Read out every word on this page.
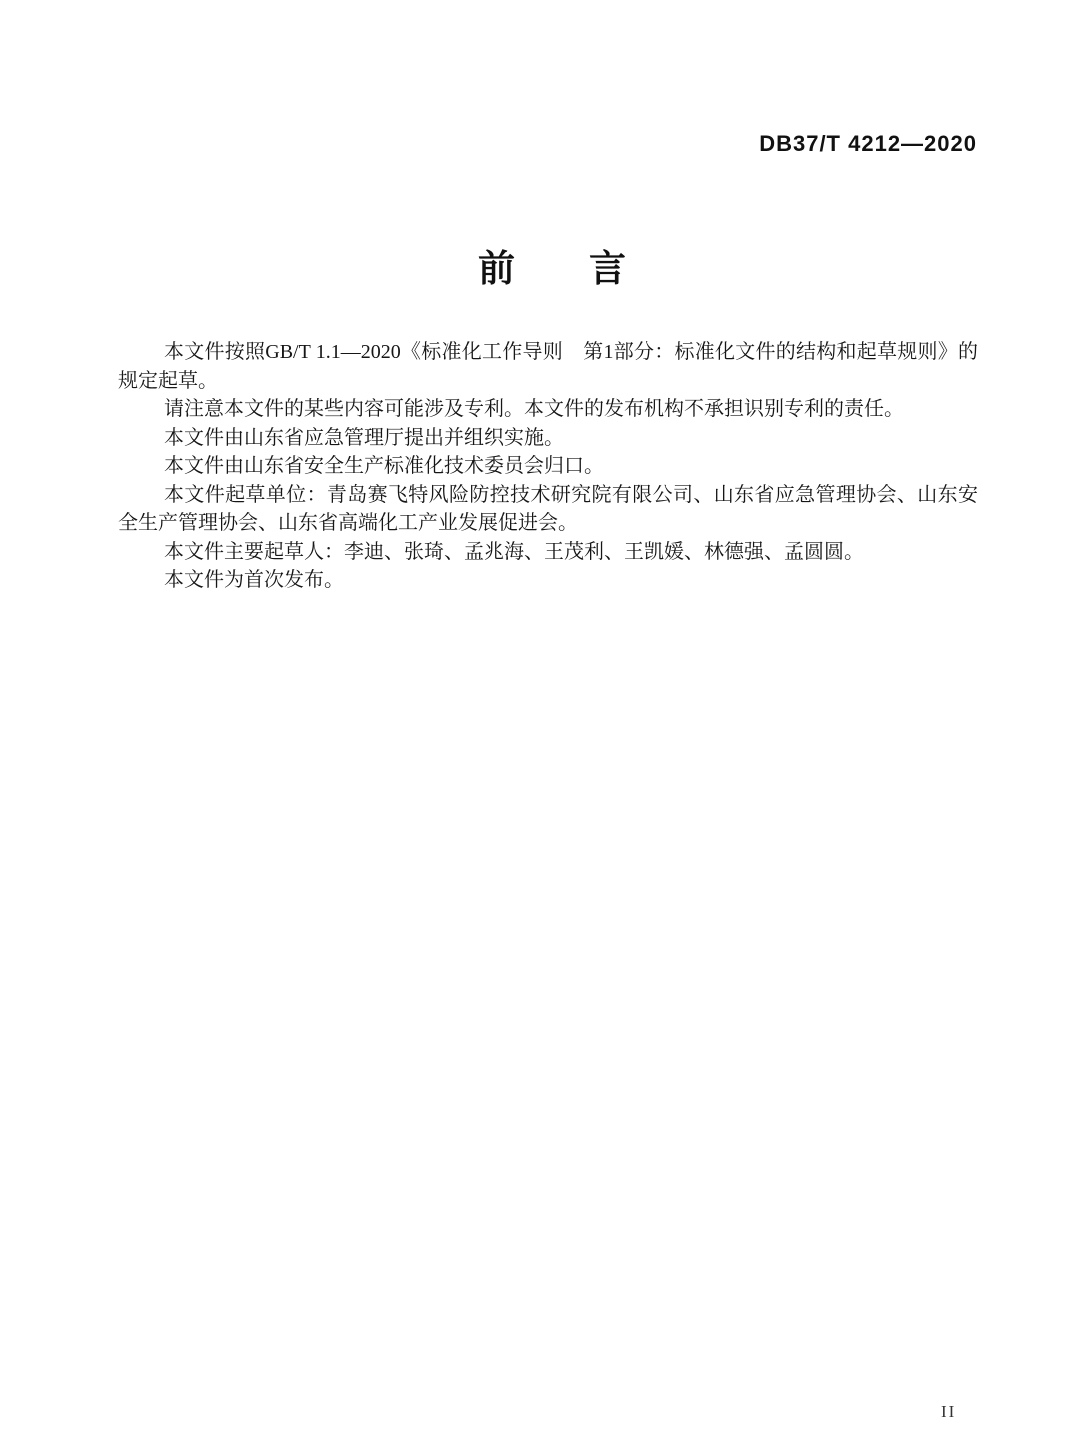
DB37/T 4212—2020
前　　言

本文件按照GB/T 1.1—2020《标准化工作导则　第1部分：标准化文件的结构和起草规则》的规定起草。

请注意本文件的某些内容可能涉及专利。本文件的发布机构不承担识别专利的责任。

本文件由山东省应急管理厅提出并组织实施。

本文件由山东省安全生产标准化技术委员会归口。

本文件起草单位：青岛赛飞特风险防控技术研究院有限公司、山东省应急管理协会、山东安全生产管理协会、山东省高端化工产业发展促进会。

本文件主要起草人：李迪、张琦、孟兆海、王茂利、王凯媛、林德强、孟圆圆。

本文件为首次发布。

II
